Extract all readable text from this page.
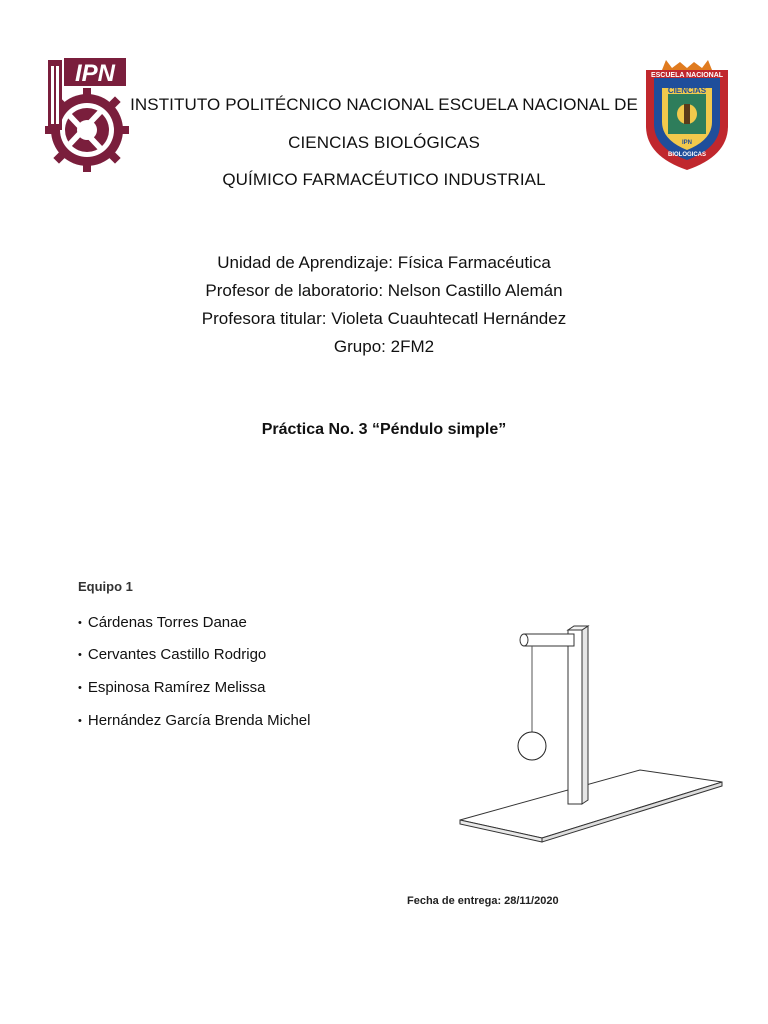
IPN	ESCUELA NACIONAL
CIENCIAS
IPN
BIOLOGICAS
INSTITUTO POLITÉCNICO NACIONAL ESCUELA NACIONAL DE
CIENCIAS BIOLÓGICAS
QUÍMICO FARMACÉUTICO INDUSTRIAL
Unidad de Aprendizaje: Física Farmacéutica
Profesor de laboratorio: Nelson Castillo Alemán
Profesora titular: Violeta Cuauhtecatl Hernández
Grupo: 2FM2
Práctica No. 3 “Péndulo simple”
Equipo 1
• Cárdenas Torres Danae
• Cervantes Castillo Rodrigo
• Espinosa Ramírez Melissa
• Hernández García Brenda Michel
Fecha de entrega: 28/11/2020
